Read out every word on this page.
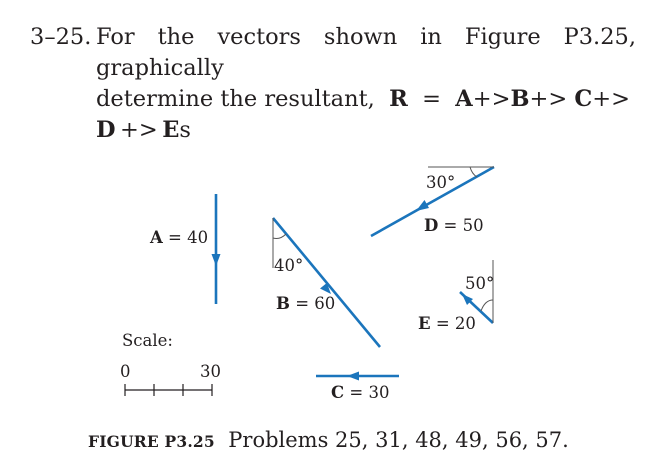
3–25. For the vectors shown in Figure P3.25, graphically
determine the resultant, R = A+>B+> C+>
D  +>  Es
A = 40
B = 60
C = 30
D = 50
E = 20
40°
30°
50°
Scale:
0	30
FIGURE P3.25 Problems 25, 31, 48, 49, 56, 57.
